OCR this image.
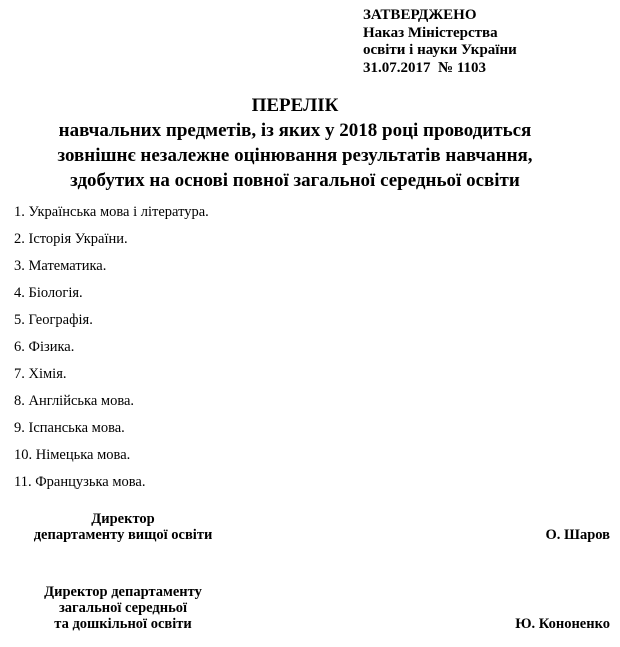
ЗАТВЕРДЖЕНО
Наказ Міністерства
освіти і науки України
31.07.2017  № 1103
ПЕРЕЛІК
навчальних предметів, із яких у 2018 році проводиться
зовнішнє незалежне оцінювання результатів навчання,
здобутих на основі повної загальної середньої освіти
1. Українська мова і література.
2. Історія України.
3. Математика.
4. Біологія.
5. Географія.
6. Фізика.
7. Хімія.
8. Англійська мова.
9. Іспанська мова.
10. Німецька мова.
11. Французька мова.
Директор
департаменту вищої освіти	О. Шаров
Директор департаменту
загальної середньої
та дошкільної освіти	Ю. Кононенко
